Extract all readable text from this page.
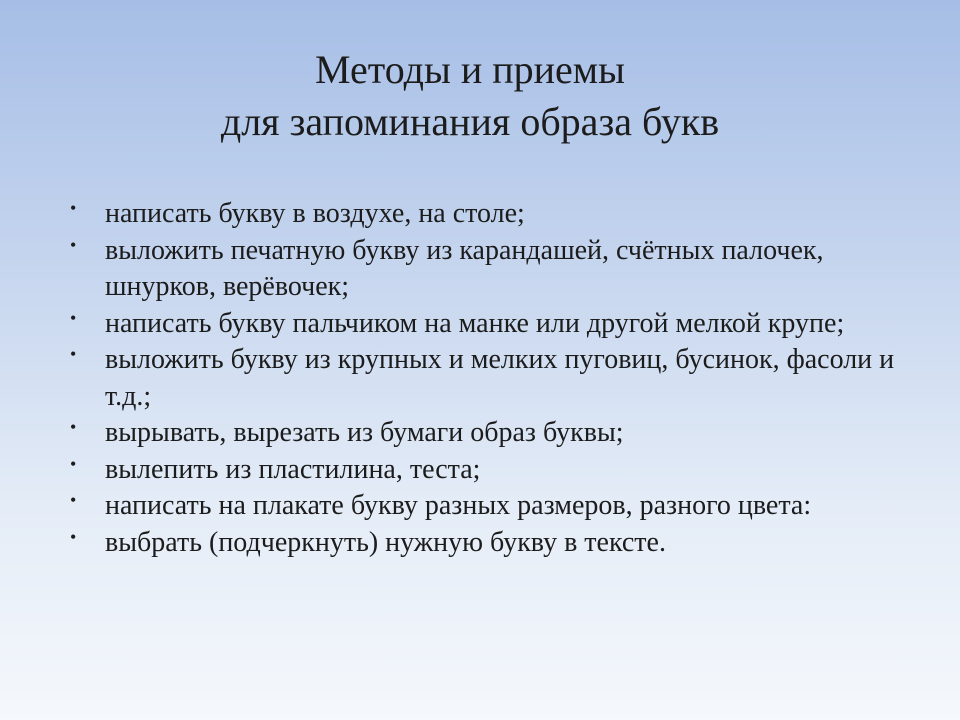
Методы и приемы
для запоминания образа букв
• написать букву в воздухе, на столе;
• выложить печатную букву из карандашей, счётных палочек, шнурков, верёвочек;
• написать букву пальчиком на манке или другой мелкой крупе;
• выложить букву из крупных и мелких пуговиц, бусинок, фасоли и т.д.;
• вырывать, вырезать из бумаги образ буквы;
• вылепить из пластилина, теста;
• написать на плакате букву разных размеров, разного цвета:
• выбрать (подчеркнуть) нужную букву в тексте.
